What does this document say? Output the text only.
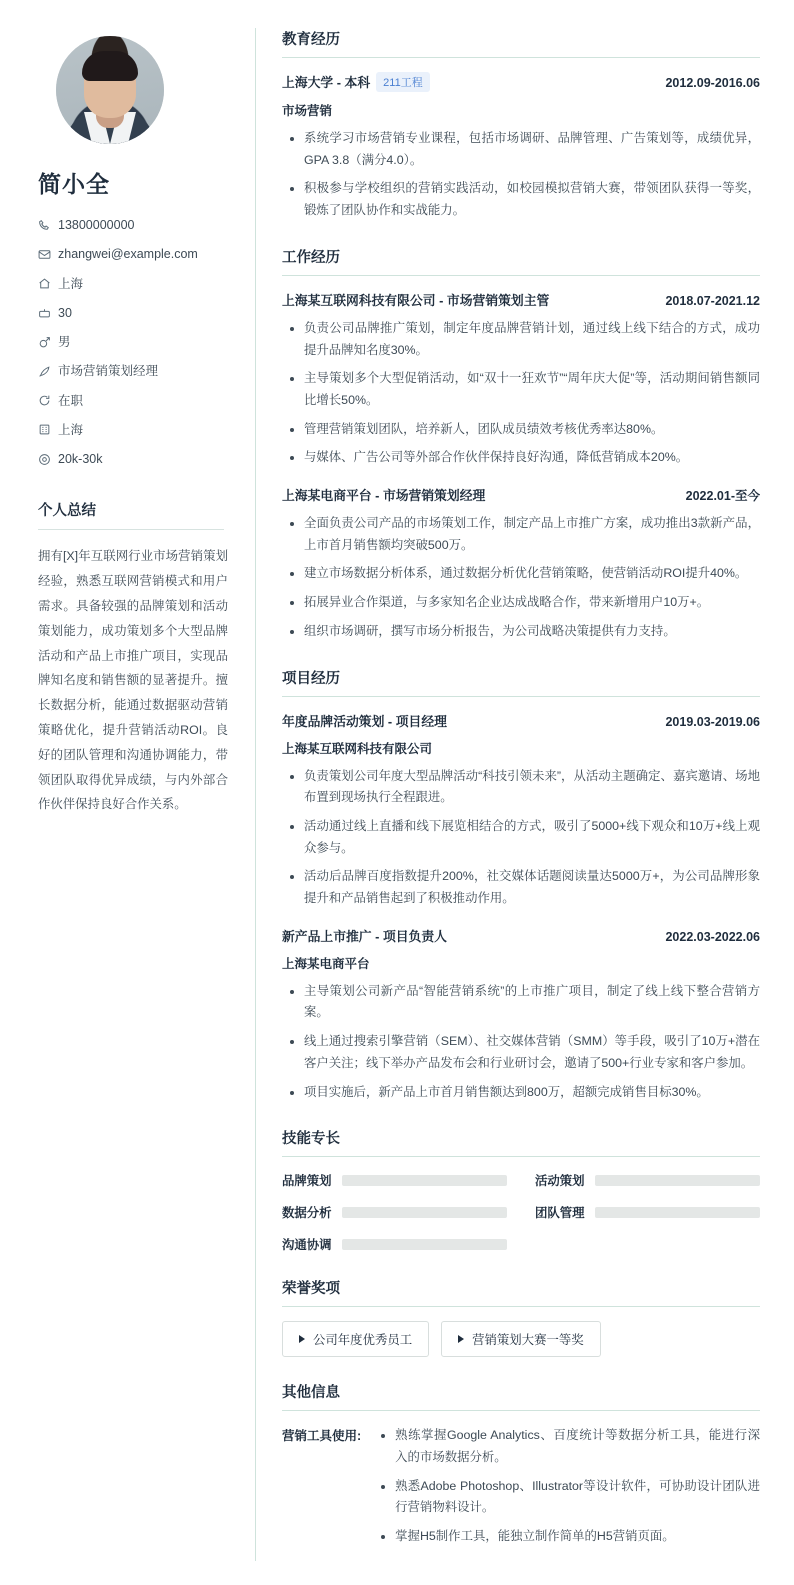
简小全
13800000000
zhangwei@example.com
上海
30
男
市场营销策划经理
在职
上海
20k-30k
个人总结

拥有[X]年互联网行业市场营销策划经验，熟悉互联网营销模式和用户需求。具备较强的品牌策划和活动策划能力，成功策划多个大型品牌活动和产品上市推广项目，实现品牌知名度和销售额的显著提升。擅长数据分析，能通过数据驱动营销策略优化，提升营销活动ROI。良好的团队管理和沟通协调能力，带领团队取得优异成绩，与内外部合作伙伴保持良好合作关系。

教育经历
上海大学 - 本科 211工程	2012.09-2016.06
市场营销
系统学习市场营销专业课程，包括市场调研、品牌管理、广告策划等，成绩优异，GPA 3.8（满分4.0）。
积极参与学校组织的营销实践活动，如校园模拟营销大赛，带领团队获得一等奖，锻炼了团队协作和实战能力。
工作经历
上海某互联网科技有限公司 - 市场营销策划主管	2018.07-2021.12
负责公司品牌推广策划，制定年度品牌营销计划，通过线上线下结合的方式，成功提升品牌知名度30%。
主导策划多个大型促销活动，如“双十一狂欢节”“周年庆大促”等，活动期间销售额同比增长50%。
管理营销策划团队，培养新人，团队成员绩效考核优秀率达80%。
与媒体、广告公司等外部合作伙伴保持良好沟通，降低营销成本20%。
上海某电商平台 - 市场营销策划经理	2022.01-至今
全面负责公司产品的市场策划工作，制定产品上市推广方案，成功推出3款新产品，上市首月销售额均突破500万。
建立市场数据分析体系，通过数据分析优化营销策略，使营销活动ROI提升40%。
拓展异业合作渠道，与多家知名企业达成战略合作，带来新增用户10万+。
组织市场调研，撰写市场分析报告，为公司战略决策提供有力支持。
项目经历
年度品牌活动策划 - 项目经理	2019.03-2019.06
上海某互联网科技有限公司
负责策划公司年度大型品牌活动“科技引领未来”，从活动主题确定、嘉宾邀请、场地布置到现场执行全程跟进。
活动通过线上直播和线下展览相结合的方式，吸引了5000+线下观众和10万+线上观众参与。
活动后品牌百度指数提升200%，社交媒体话题阅读量达5000万+，为公司品牌形象提升和产品销售起到了积极推动作用。
新产品上市推广 - 项目负责人	2022.03-2022.06
上海某电商平台
主导策划公司新产品“智能营销系统”的上市推广项目，制定了线上线下整合营销方案。
线上通过搜索引擎营销（SEM）、社交媒体营销（SMM）等手段，吸引了10万+潜在客户关注；线下举办产品发布会和行业研讨会，邀请了500+行业专家和客户参加。
项目实施后，新产品上市首月销售额达到800万，超额完成销售目标30%。
技能专长
品牌策划	活动策划
数据分析	团队管理
沟通协调
荣誉奖项
公司年度优秀员工	营销策划大赛一等奖
其他信息
营销工具使用:	熟练掌握Google Analytics、百度统计等数据分析工具，能进行深入的市场数据分析。
熟悉Adobe Photoshop、Illustrator等设计软件，可协助设计团队进行营销物料设计。
掌握H5制作工具，能独立制作简单的H5营销页面。
